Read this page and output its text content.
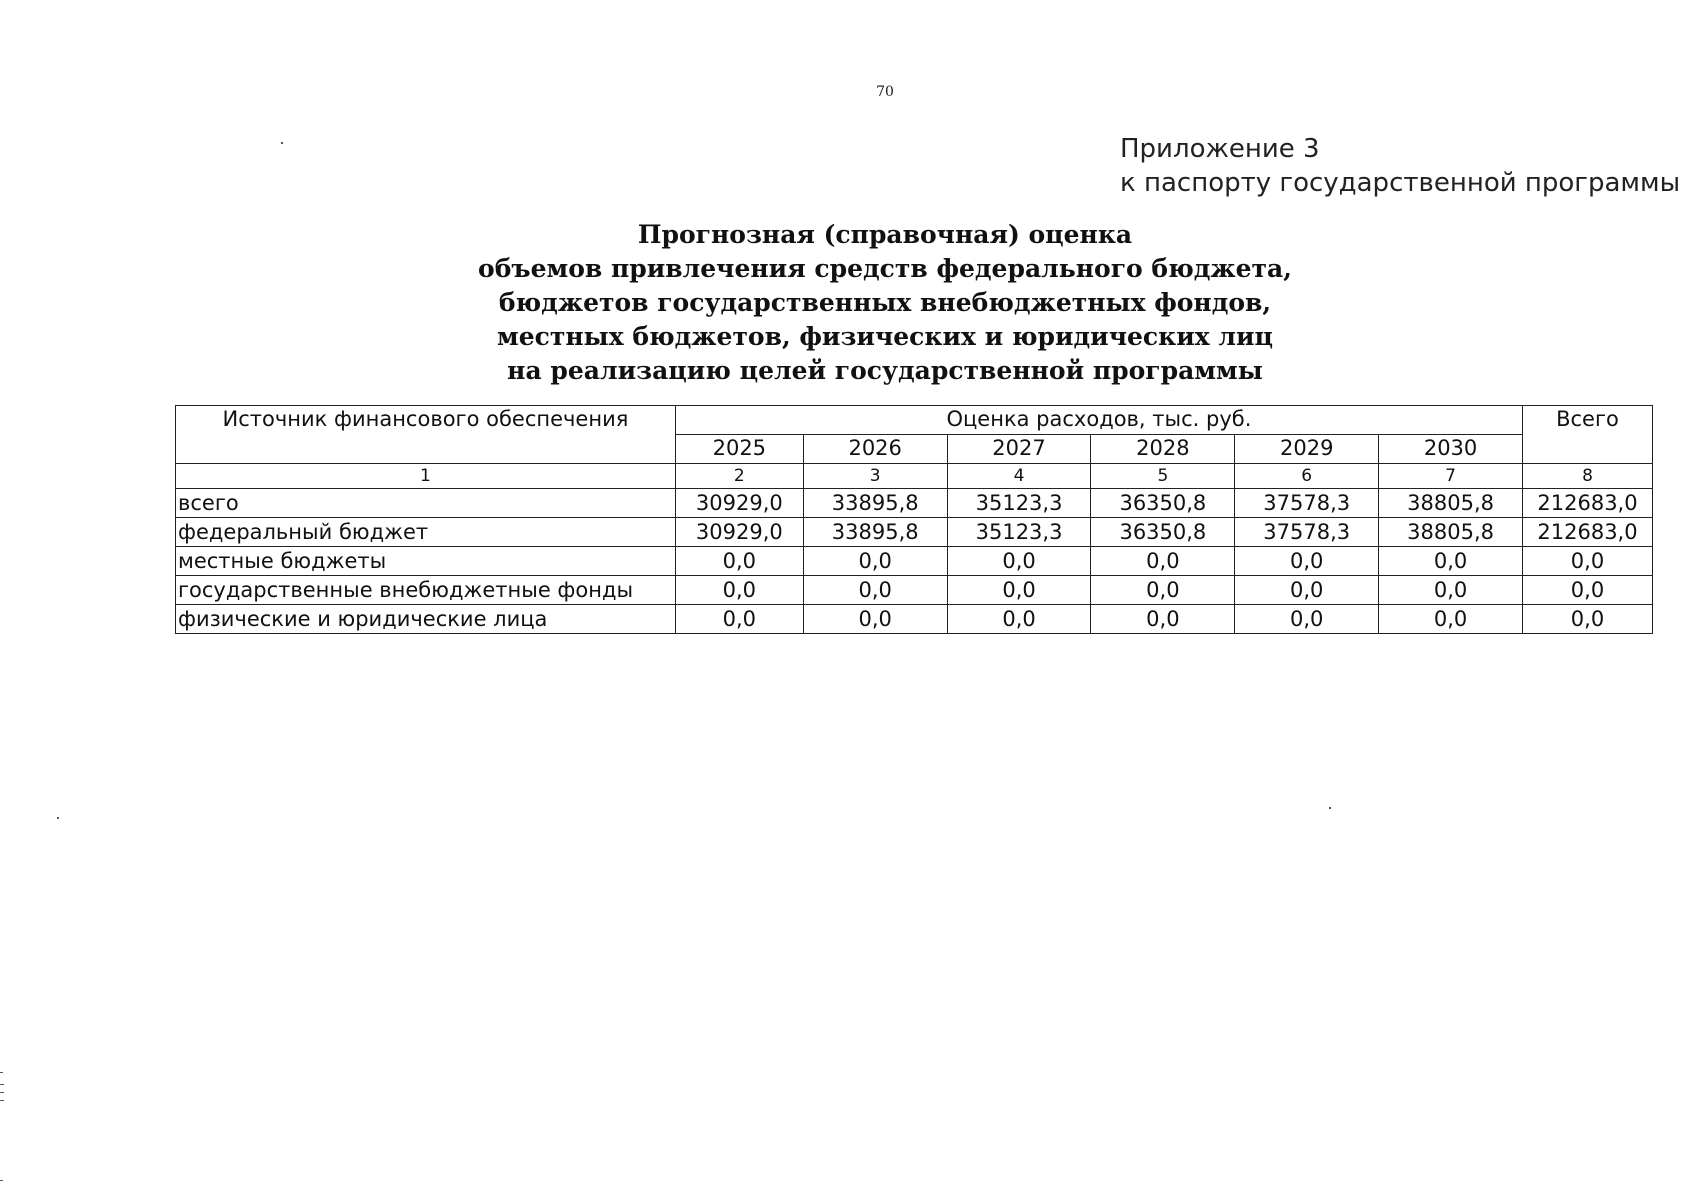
70
Приложение 3
к паспорту государственной программы
Прогнозная (справочная) оценка
объемов привлечения средств федерального бюджета,
бюджетов государственных внебюджетных фондов,
местных бюджетов, физических и юридических лиц
на реализацию целей государственной программы
Источник финансового обеспечения	Оценка расходов, тыс. руб.						Всего
	2025	2026	2027	2028	2029	2030	
1	2	3	4	5	6	7	8
всего	30929,0	33895,8	35123,3	36350,8	37578,3	38805,8	212683,0
федеральный бюджет	30929,0	33895,8	35123,3	36350,8	37578,3	38805,8	212683,0
местные бюджеты	0,0	0,0	0,0	0,0	0,0	0,0	0,0
государственные внебюджетные фонды	0,0	0,0	0,0	0,0	0,0	0,0	0,0
физические и юридические лица	0,0	0,0	0,0	0,0	0,0	0,0	0,0
